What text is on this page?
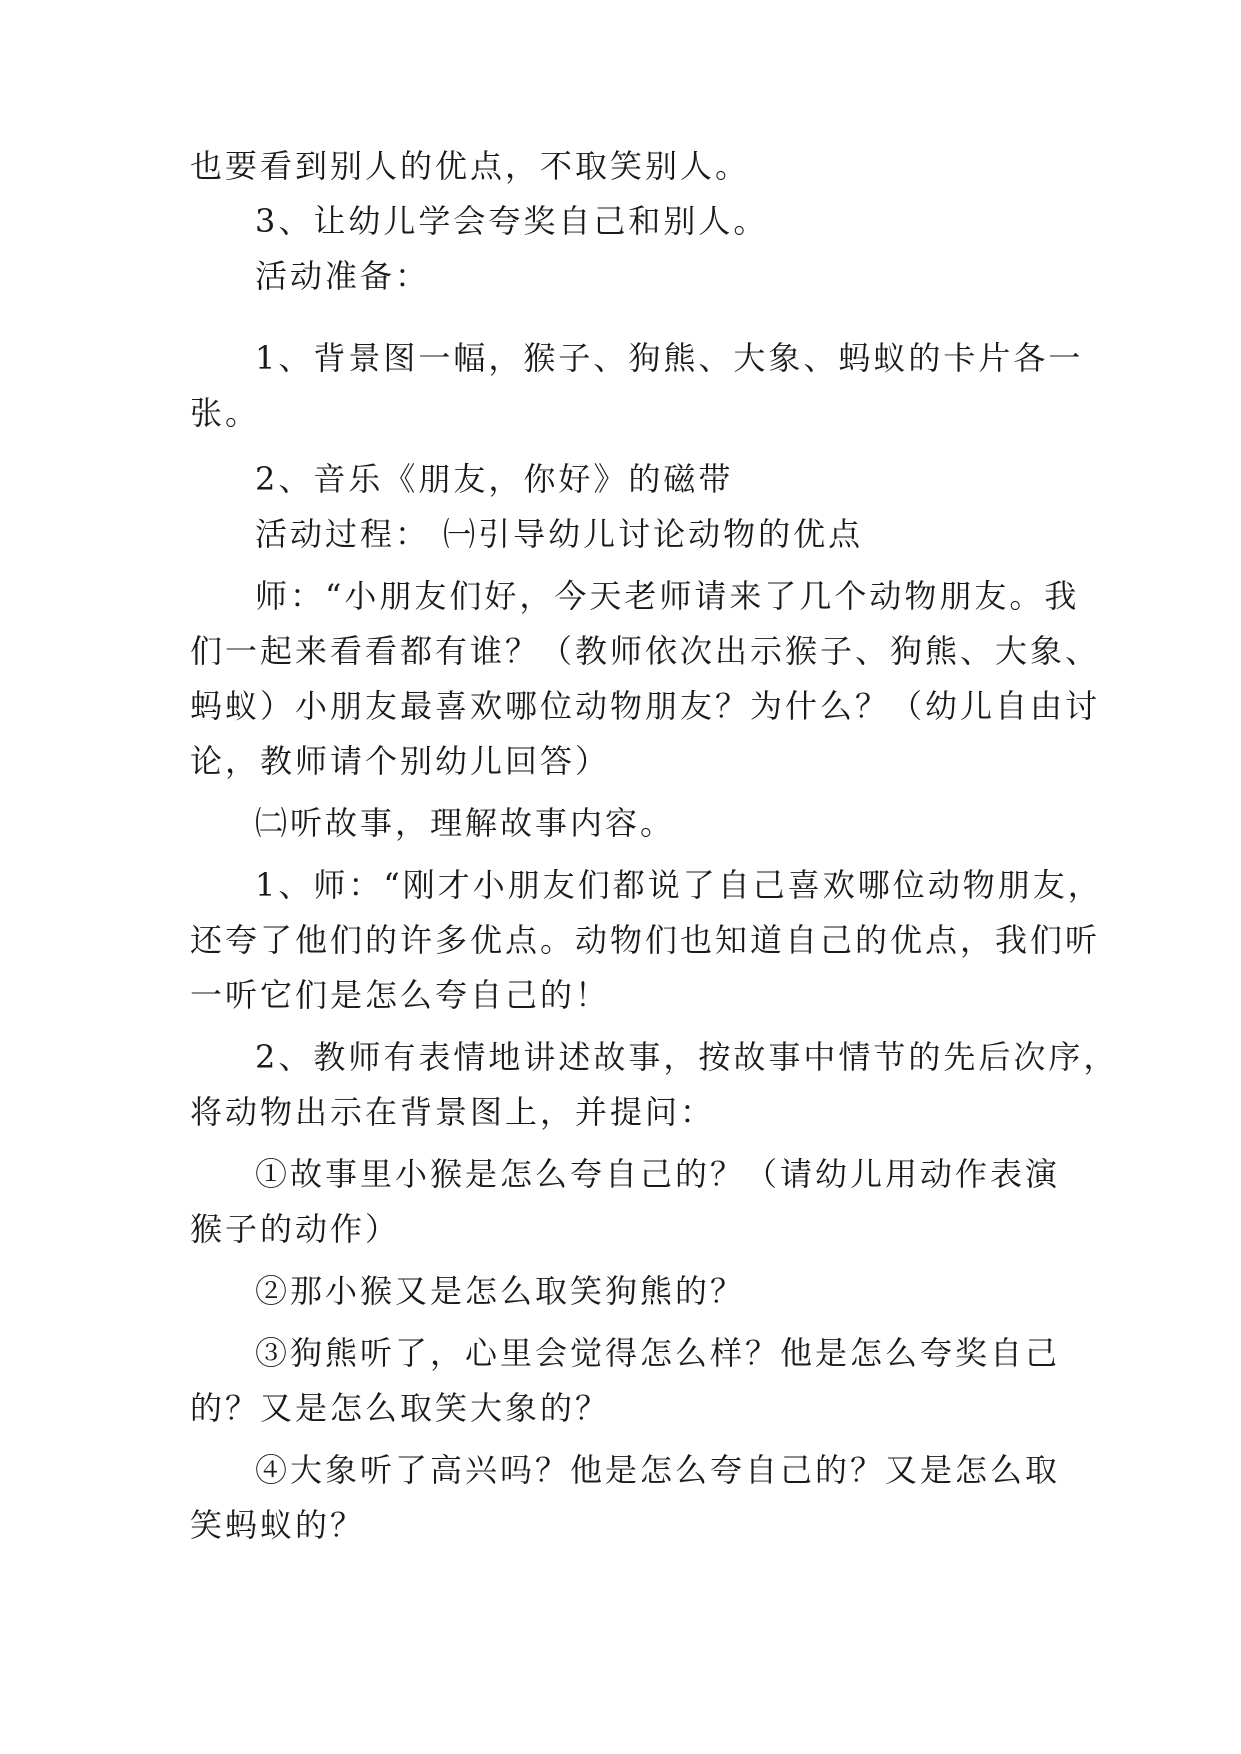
也要看到别人的优点，不取笑别人。
3、让幼儿学会夸奖自己和别人。
活动准备：
1、背景图一幅，猴子、狗熊、大象、蚂蚁的卡片各一
张。
2、音乐《朋友，你好》的磁带
活动过程： ㈠引导幼儿讨论动物的优点
师：“小朋友们好，今天老师请来了几个动物朋友。我
们一起来看看都有谁？（教师依次出示猴子、狗熊、大象、
蚂蚁）小朋友最喜欢哪位动物朋友？为什么？（幼儿自由讨
论，教师请个别幼儿回答）
㈡听故事，理解故事内容。
1、师：“刚才小朋友们都说了自己喜欢哪位动物朋友，
还夸了他们的许多优点。动物们也知道自己的优点，我们听
一听它们是怎么夸自己的！
2、教师有表情地讲述故事，按故事中情节的先后次序，
将动物出示在背景图上，并提问：
①故事里小猴是怎么夸自己的？（请幼儿用动作表演
猴子的动作）
②那小猴又是怎么取笑狗熊的？
③狗熊听了，心里会觉得怎么样？他是怎么夸奖自己
的？又是怎么取笑大象的？
④大象听了高兴吗？他是怎么夸自己的？又是怎么取
笑蚂蚁的？
